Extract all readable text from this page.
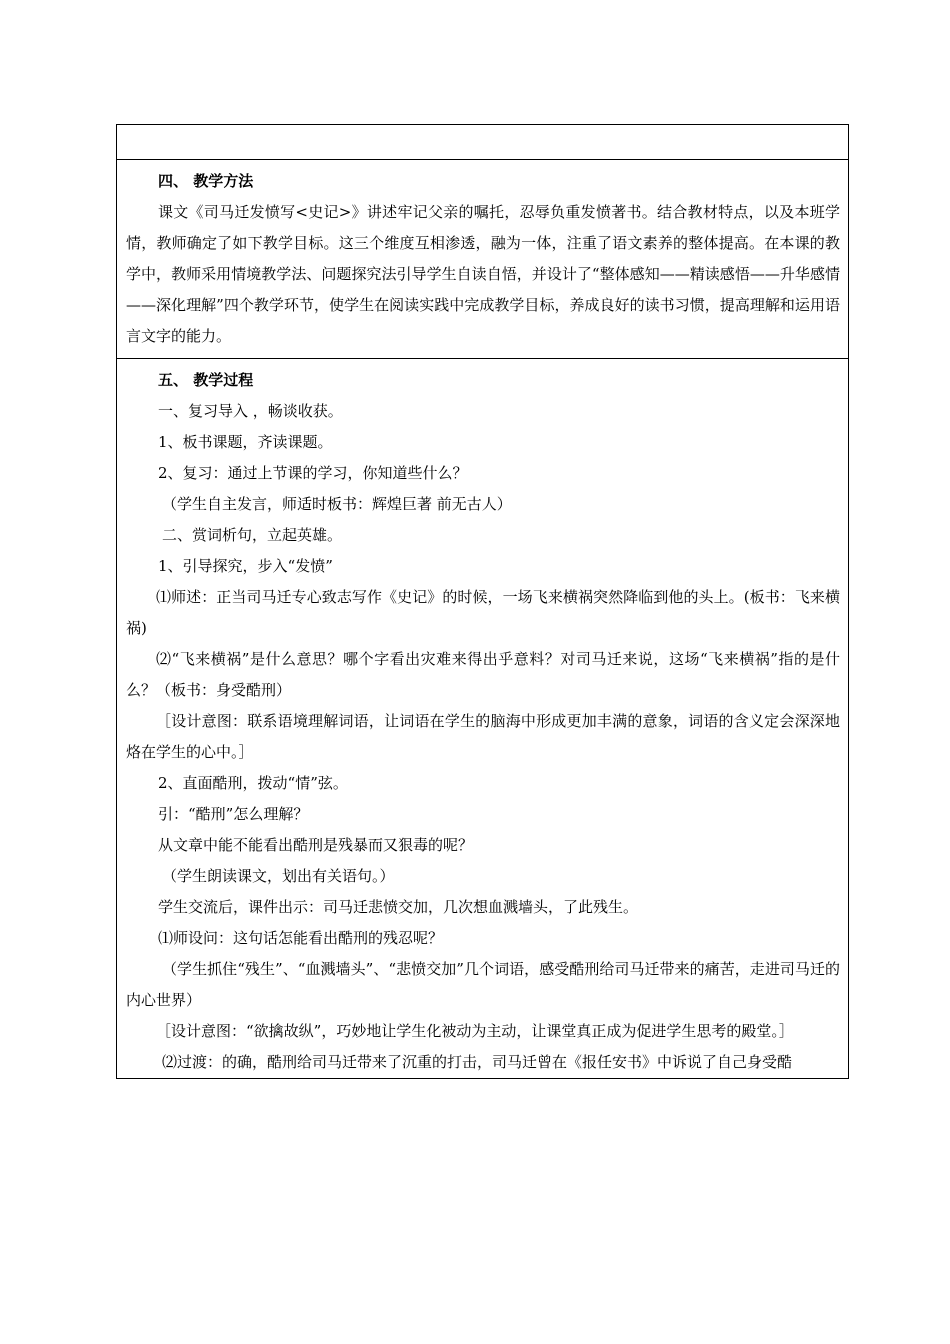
四、 教学方法

课文《司马迁发愤写<史记>》讲述牢记父亲的嘱托，忍辱负重发愤著书。结合教材特点，以及本班学情，教师确定了如下教学目标。这三个维度互相渗透，融为一体，注重了语文素养的整体提高。在本课的教学中，教师采用情境教学法、问题探究法引导学生自读自悟，并设计了“整体感知——精读感悟——升华感情——深化理解”四个教学环节，使学生在阅读实践中完成教学目标，养成良好的读书习惯，提高理解和运用语言文字的能力。

五、 教学过程

一、复习导入 ，畅谈收获。

1、板书课题，齐读课题。

2、复习：通过上节课的学习，你知道些什么？

（学生自主发言，师适时板书：辉煌巨著 前无古人）

二、赏词析句，立起英雄。

1、引导探究，步入“发愤”

⑴师述：正当司马迁专心致志写作《史记》的时候，一场飞来横祸突然降临到他的头上。(板书：飞来横祸)

⑵“飞来横祸”是什么意思？哪个字看出灾难来得出乎意料？对司马迁来说，这场“飞来横祸”指的是什么？（板书：身受酷刑）

［设计意图：联系语境理解词语，让词语在学生的脑海中形成更加丰满的意象，词语的含义定会深深地烙在学生的心中。］

2、直面酷刑，拨动“情”弦。

引：“酷刑”怎么理解？

从文章中能不能看出酷刑是残暴而又狠毒的呢？

（学生朗读课文，划出有关语句。）

学生交流后，课件出示：司马迁悲愤交加，几次想血溅墙头，了此残生。

⑴师设问：这句话怎能看出酷刑的残忍呢？

（学生抓住“残生”、“血溅墙头”、“悲愤交加”几个词语，感受酷刑给司马迁带来的痛苦，走进司马迁的内心世界）

［设计意图：“欲擒故纵”，巧妙地让学生化被动为主动，让课堂真正成为促进学生思考的殿堂。］

⑵过渡：的确，酷刑给司马迁带来了沉重的打击，司马迁曾在《报任安书》中诉说了自己身受酷
